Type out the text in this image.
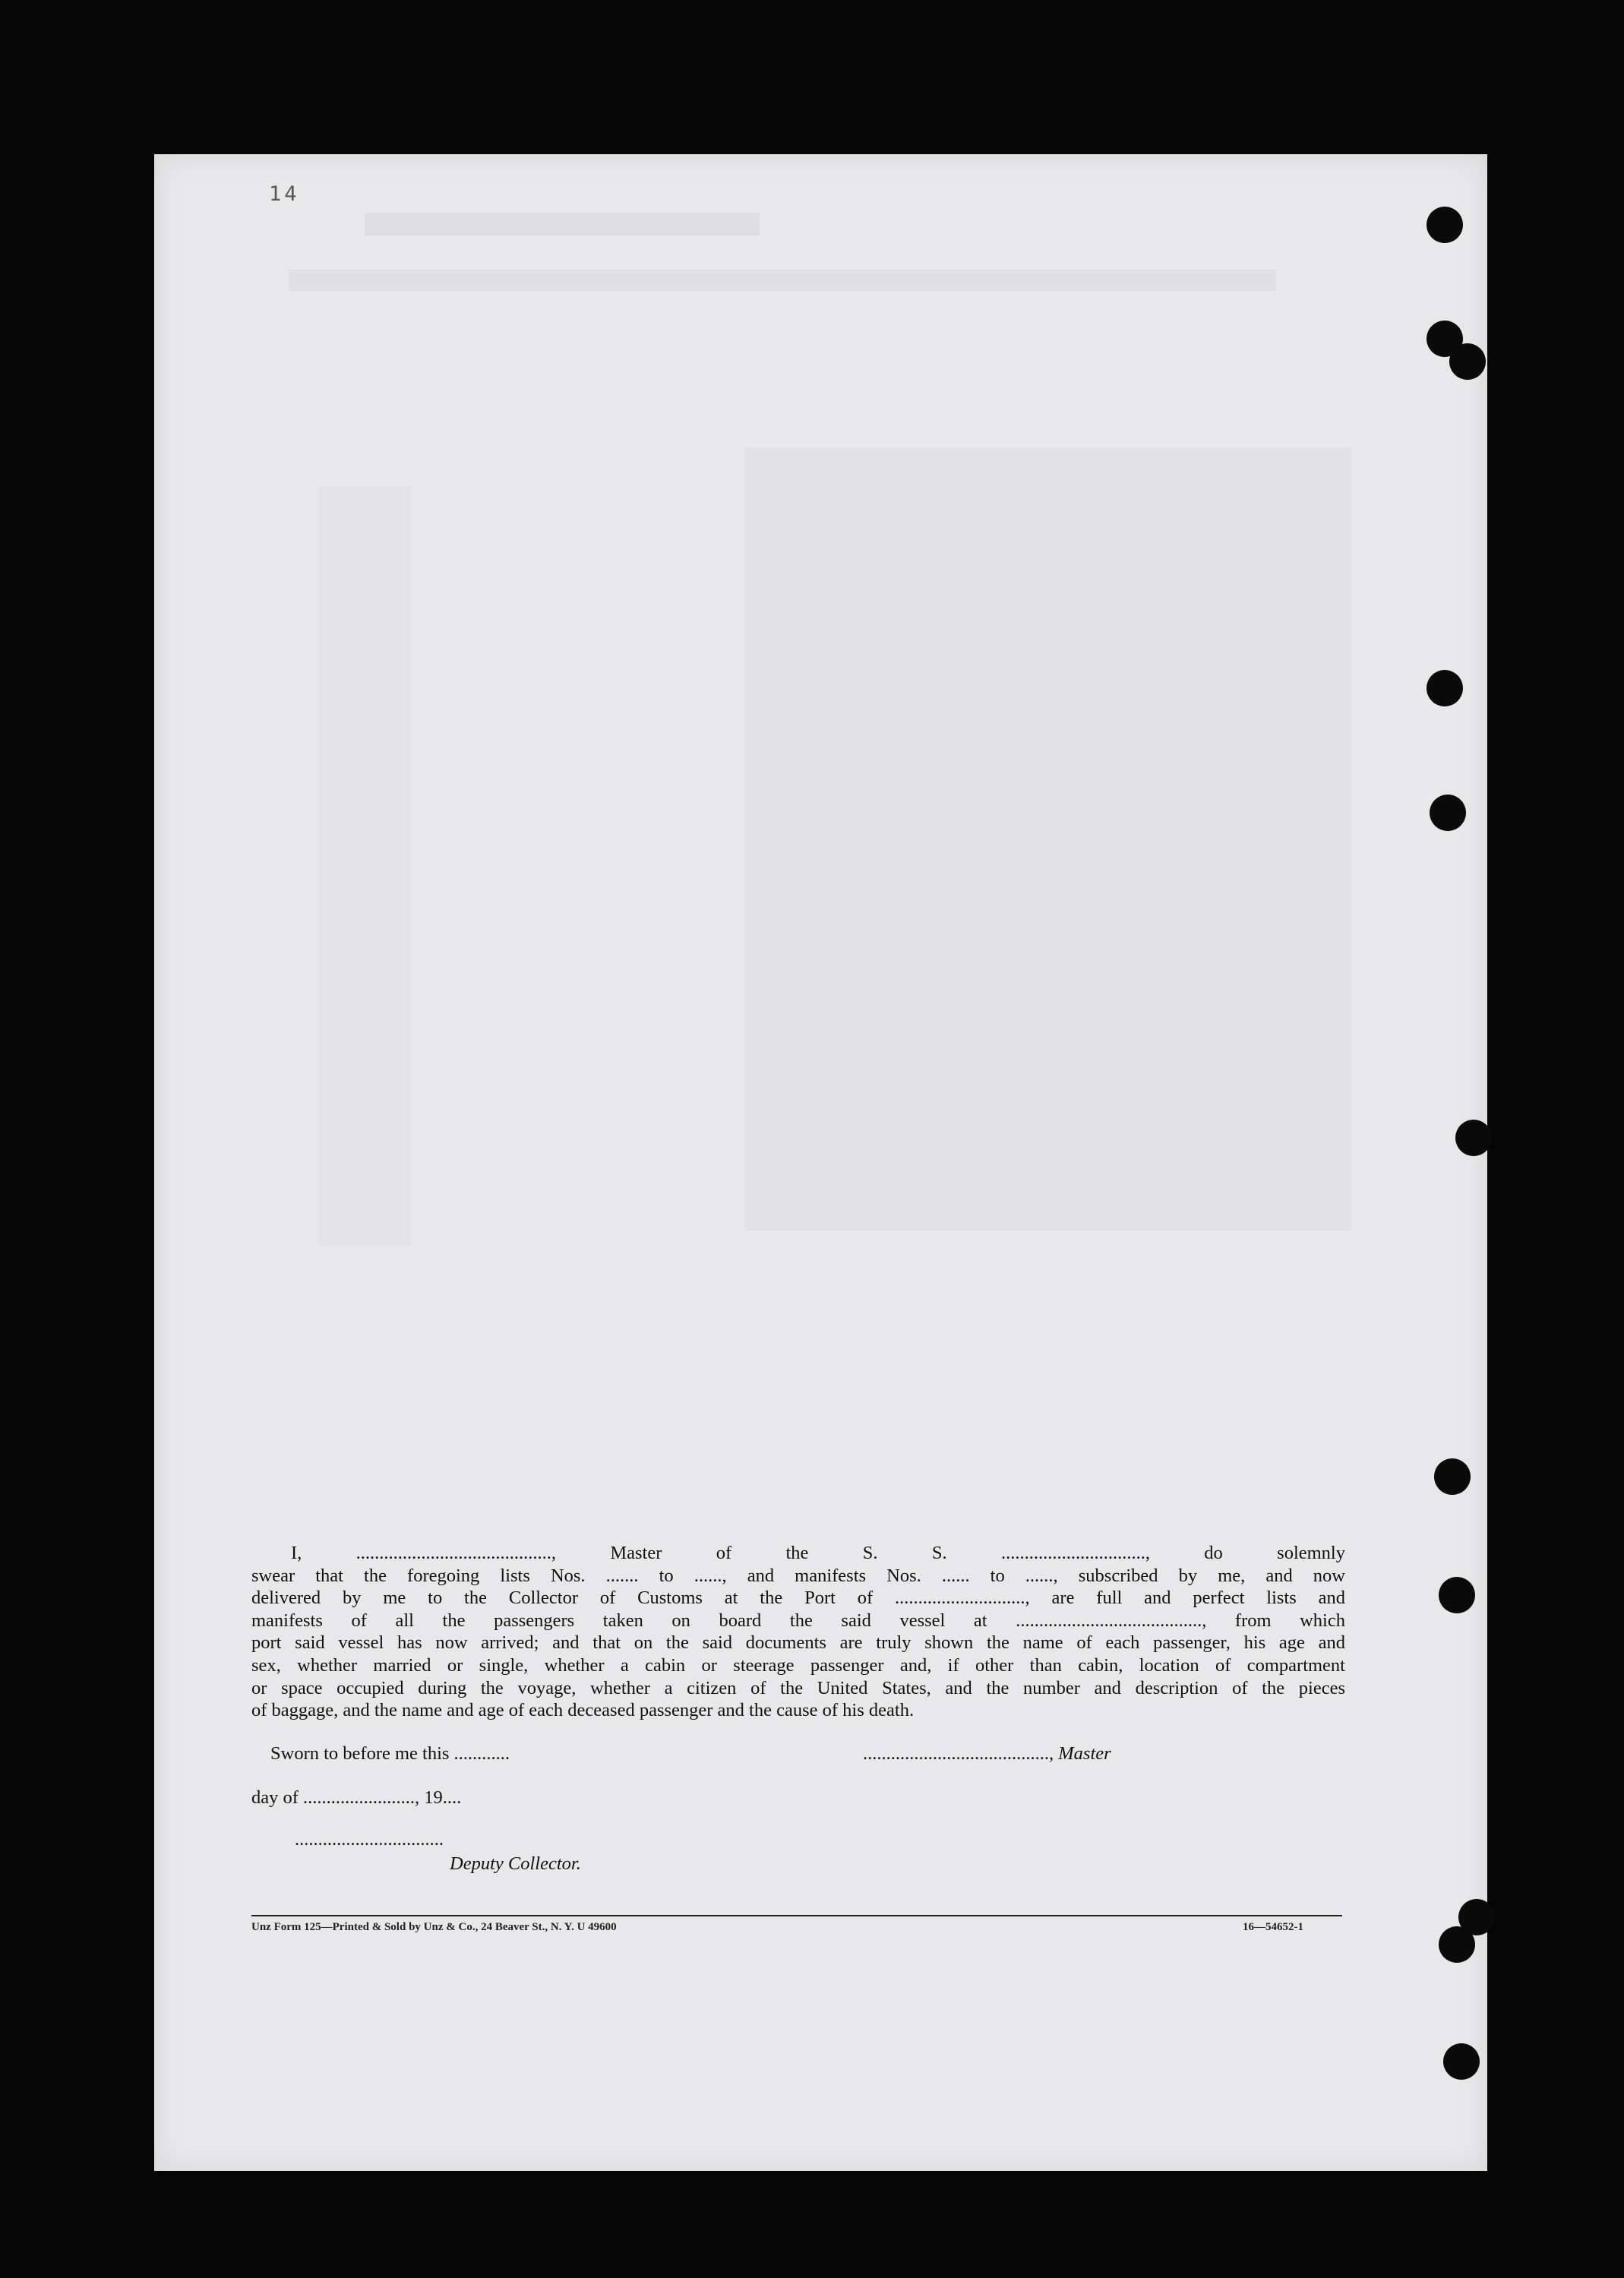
14

I, .........................................., Master of the S. S. ..............................., do solemnly
swear that the foregoing lists Nos. ....... to ......, and manifests Nos. ...... to ......, subscribed by me, and now
delivered by me to the Collector of Customs at the Port of ............................, are full and perfect lists and
manifests of all the passengers taken on board the said vessel at ........................................, from which
port said vessel has now arrived; and that on the said documents are truly shown the name of each passenger, his age and
sex, whether married or single, whether a cabin or steerage passenger and, if other than cabin, location of compartment
or space occupied during the voyage, whether a citizen of the United States, and the number and description of the pieces
of baggage, and the name and age of each deceased passenger and the cause of his death.

Sworn to before me this ............	........................................, Master
day of ........................, 19....
................................
Deputy Collector.
Unz Form 125—Printed & Sold by Unz & Co., 24 Beaver St., N. Y. U 49600	16—54652-1
